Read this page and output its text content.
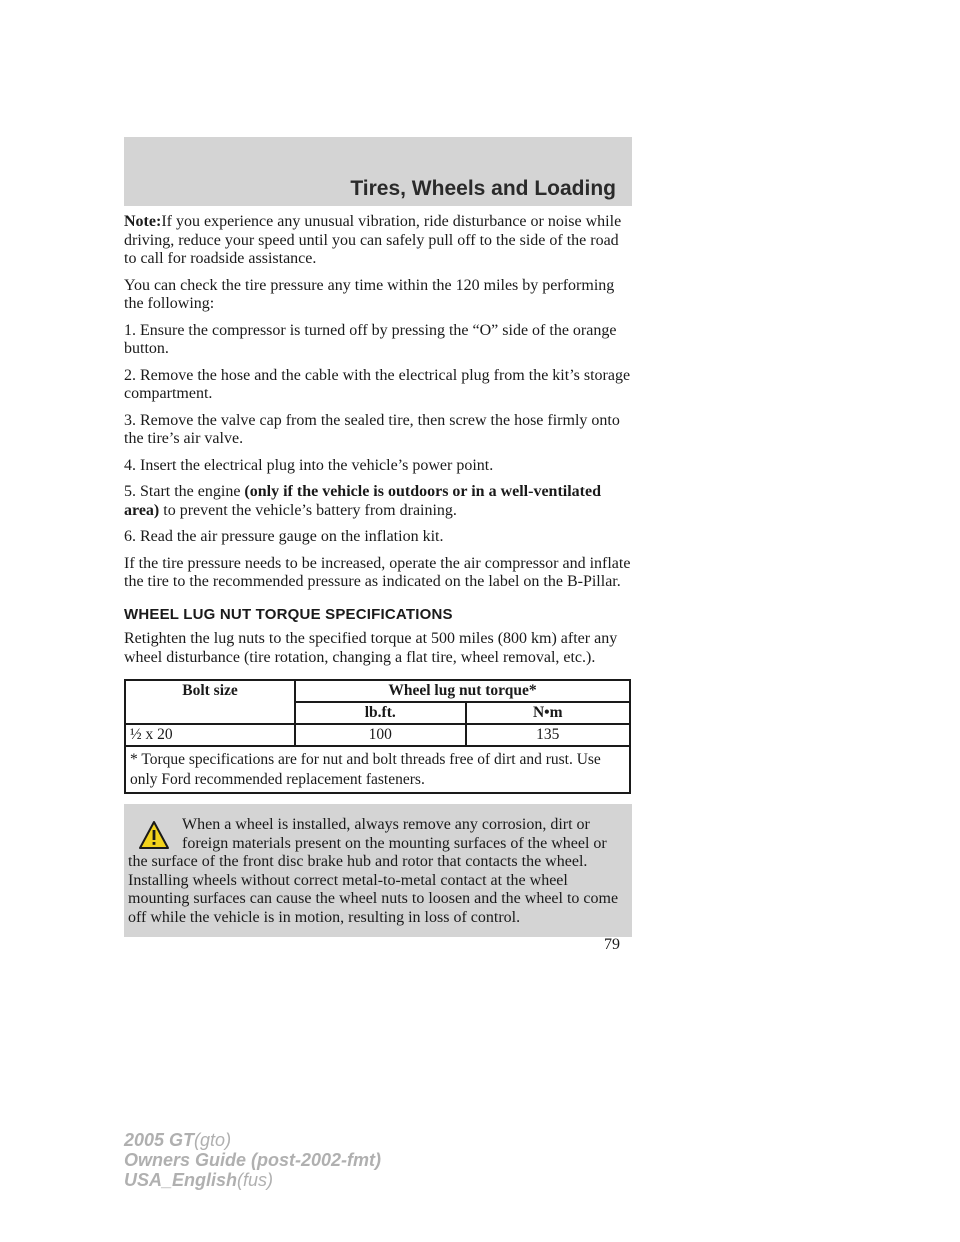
Tires, Wheels and Loading

Note:If you experience any unusual vibration, ride disturbance or noise while driving, reduce your speed until you can safely pull off to the side of the road to call for roadside assistance.

You can check the tire pressure any time within the 120 miles by performing the following:

1. Ensure the compressor is turned off by pressing the “O” side of the orange button.

2. Remove the hose and the cable with the electrical plug from the kit’s storage compartment.

3. Remove the valve cap from the sealed tire, then screw the hose firmly onto the tire’s air valve.

4. Insert the electrical plug into the vehicle’s power point.

5. Start the engine (only if the vehicle is outdoors or in a well-ventilated area) to prevent the vehicle’s battery from draining.

6. Read the air pressure gauge on the inflation kit.

If the tire pressure needs to be increased, operate the air compressor and inflate the tire to the recommended pressure as indicated on the label on the B-Pillar.

WHEEL LUG NUT TORQUE SPECIFICATIONS

Retighten the lug nuts to the specified torque at 500 miles (800 km) after any wheel disturbance (tire rotation, changing a flat tire, wheel removal, etc.).

Bolt size	Wheel lug nut torque*	
	lb.ft.	N•m
½ x 20	100	135
* Torque specifications are for nut and bolt threads free of dirt and rust. Use only Ford recommended replacement fasteners.		
When a wheel is installed, always remove any corrosion, dirt or foreign materials present on the mounting surfaces of the wheel or the surface of the front disc brake hub and rotor that contacts the wheel. Installing wheels without correct metal-to-metal contact at the wheel mounting surfaces can cause the wheel nuts to loosen and the wheel to come off while the vehicle is in motion, resulting in loss of control.
79
2005 GT(gto)
Owners Guide (post-2002-fmt)
USA_English(fus)
